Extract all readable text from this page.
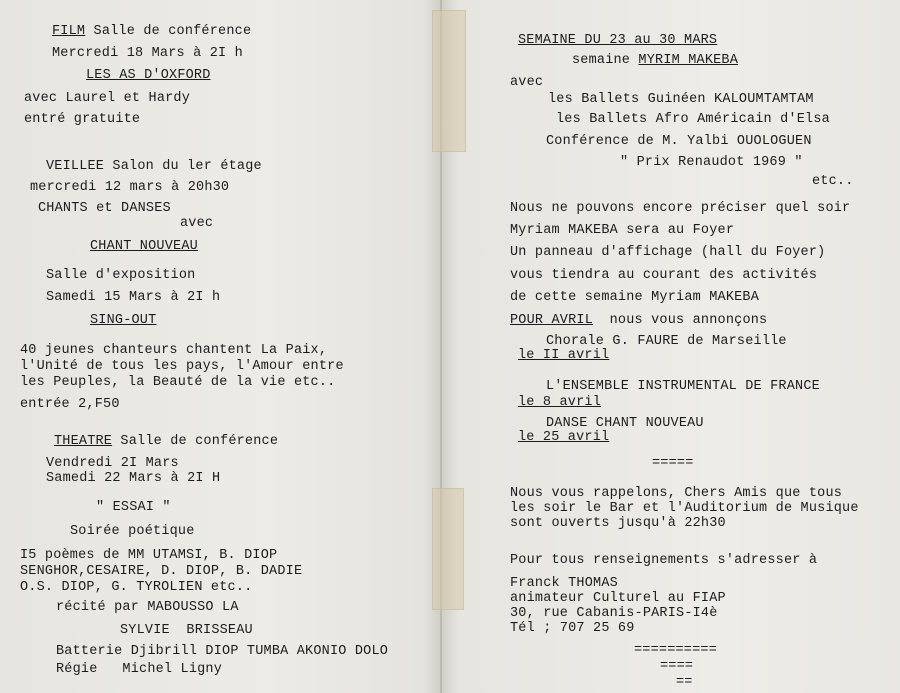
FILM Salle de conférence
Mercredi 18 Mars à 2I h
LES AS D'OXFORD
avec Laurel et Hardy
entré gratuite
VEILLEE Salon du ler étage
mercredi 12 mars à 20h30
CHANTS et DANSES
avec
CHANT NOUVEAU
Salle d'exposition
Samedi 15 Mars à 2I h
SING-OUT
40 jeunes chanteurs chantent La Paix,
l'Unité de tous les pays, l'Amour entre
les Peuples, la Beauté de la vie etc..
entrée 2,F50
THEATRE Salle de conférence
Vendredi 2I Mars
Samedi 22 Mars à 2I H
" ESSAI "
Soirée poétique
I5 poèmes de MM UTAMSI, B. DIOP
SENGHOR,CESAIRE, D. DIOP, B. DADIE
O.S. DIOP, G. TYROLIEN etc..
récité par MABOUSSO LA
SYLVIE  BRISSEAU
Batterie Djibrill DIOP TUMBA AKONIO DOLO
Régie   Michel Ligny
SEMAINE DU 23 au 30 MARS
semaine MYRIM MAKEBA
avec
les Ballets Guinéen KALOUMTAMTAM
les Ballets Afro Américain d'Elsa
Conférence de M. Yalbi OUOLOGUEN
" Prix Renaudot 1969 "
etc..
Nous ne pouvons encore préciser quel soir
Myriam MAKEBA sera au Foyer
Un panneau d'affichage (hall du Foyer)
vous tiendra au courant des activités
de cette semaine Myriam MAKEBA
POUR AVRIL  nous vous annonçons
Chorale G. FAURE de Marseille
le II avril
L'ENSEMBLE INSTRUMENTAL DE FRANCE
le 8 avril
DANSE CHANT NOUVEAU
le 25 avril
=====
Nous vous rappelons, Chers Amis que tous
les soir le Bar et l'Auditorium de Musique
sont ouverts jusqu'à 22h30
Pour tous renseignements s'adresser à
Franck THOMAS
animateur Culturel au FIAP
30, rue Cabanis-PARIS-I4è
Tél ; 707 25 69
==========
====
==
